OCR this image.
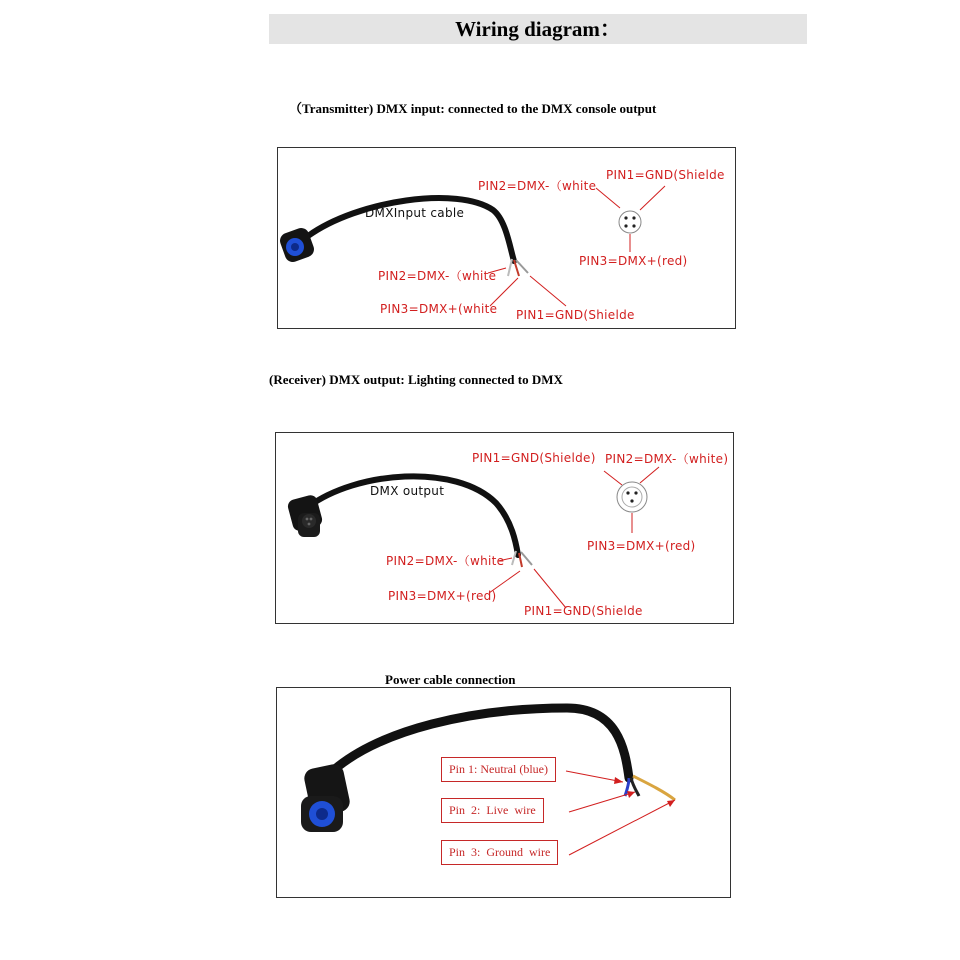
Wiring diagram：
（Transmitter) DMX input: connected to the DMX console output
DMXInput cable
PIN2=DMX-（white
PIN1=GND(Shielde
PIN3=DMX+(red)
PIN2=DMX-（white
PIN3=DMX+(white PIN1=GND(Shielde
(Receiver) DMX output: Lighting connected to DMX
DMX output
PIN1=GND(Shielde) PIN2=DMX-（white)
PIN3=DMX+(red)
PIN2=DMX-（white
PIN3=DMX+(red)
PIN1=GND(Shielde
Power cable connection
Pin 1: Neutral (blue)
Pin  2:  Live  wire
Pin  3:  Ground  wire
